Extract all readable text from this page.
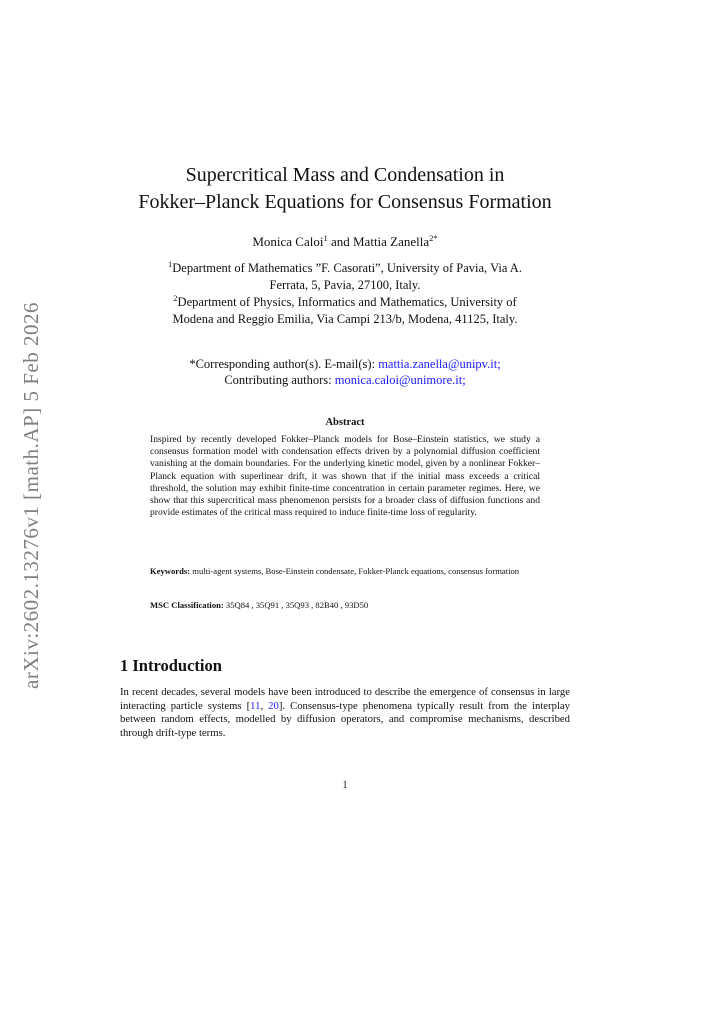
arXiv:2602.13276v1 [math.AP] 5 Feb 2026
Supercritical Mass and Condensation in
Fokker–Planck Equations for Consensus Formation
Monica Caloi$^1$ and Mattia Zanella$^{2*}$
$^1$Department of Mathematics ”F. Casorati”, University of Pavia, Via A.
Ferrata, 5, Pavia, 27100, Italy.
$^2$Department of Physics, Informatics and Mathematics, University of
Modena and Reggio Emilia, Via Campi 213/b, Modena, 41125, Italy.
*Corresponding author(s). E-mail(s): mattia.zanella@unipv.it;
Contributing authors: monica.caloi@unimore.it;
Abstract
Inspired by recently developed Fokker–Planck models for Bose–Einstein statistics, we study a consensus formation model with condensation effects driven by a polynomial diffusion coefficient vanishing at the domain boundaries. For the underlying kinetic model, given by a nonlinear Fokker–Planck equation with superlinear drift, it was shown that if the initial mass exceeds a critical threshold, the solution may exhibit finite-time concentration in certain parameter regimes. Here, we show that this supercritical mass phenomenon persists for a broader class of diffusion functions and provide estimates of the critical mass required to induce finite-time loss of regularity.
Keywords: multi-agent systems, Bose-Einstein condensate, Fokker-Planck equations, consensus formation
MSC Classification: 35Q84 , 35Q91 , 35Q93 , 82B40 , 93D50
1 Introduction
In recent decades, several models have been introduced to describe the emergence of consensus in large interacting particle systems [11, 20]. Consensus-type phenomena typically result from the interplay between random effects, modelled by diffusion operators, and compromise mechanisms, described through drift-type terms.
1
